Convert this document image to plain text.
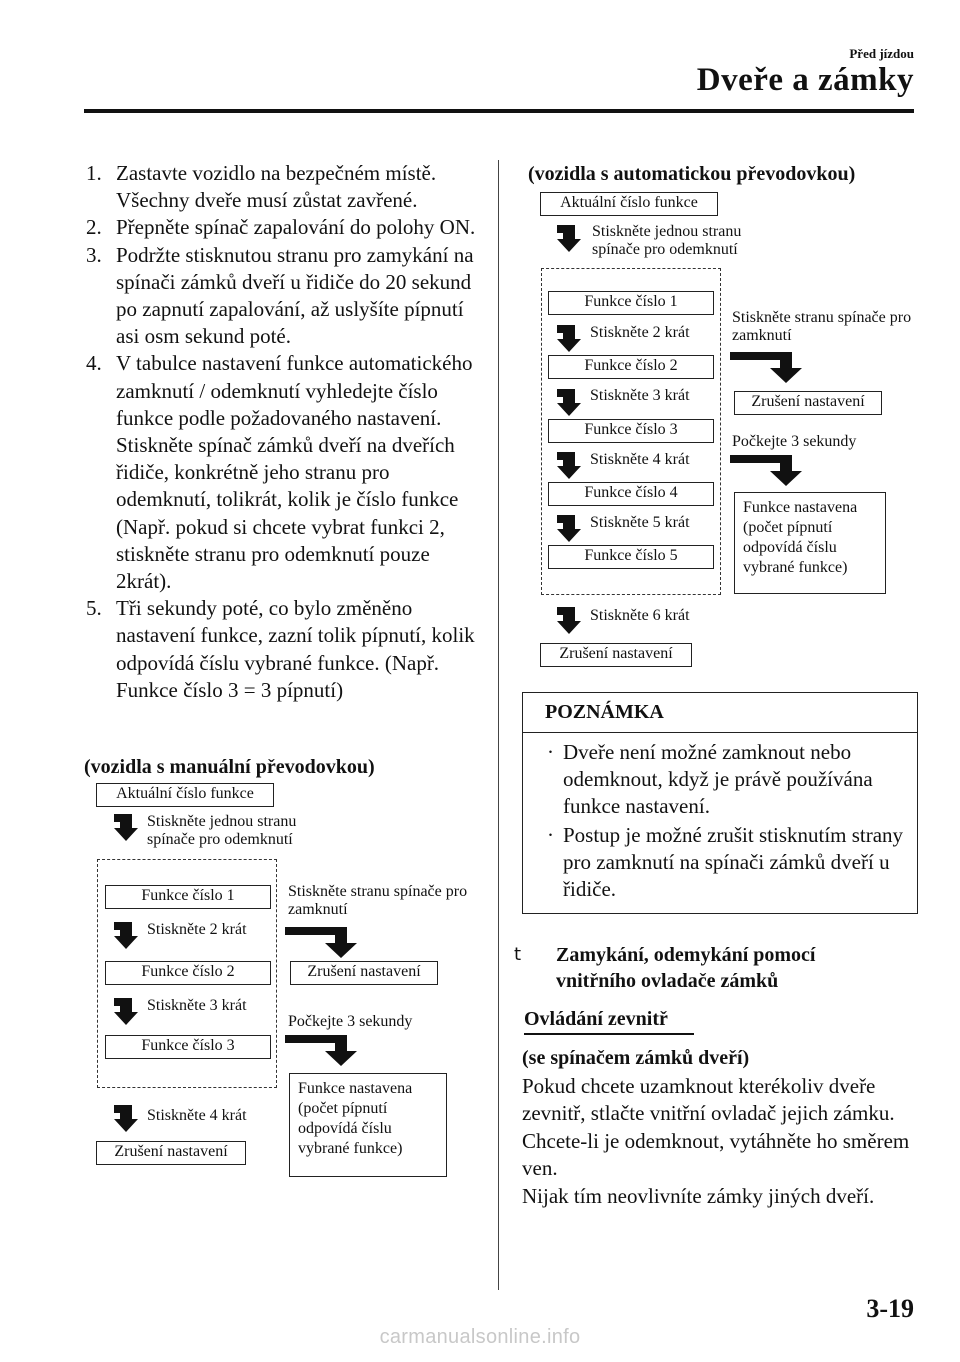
Před jízdou
Dveře a zámky
1. Zastavte vozidlo na bezpečném místě. Všechny dveře musí zůstat zavřené.
2. Přepněte spínač zapalování do polohy ON.
3. Podržte stisknutou stranu pro zamykání na spínači zámků dveří u řidiče do 20 sekund po zapnutí zapalování, až uslyšíte pípnutí asi osm sekund poté.
4. V tabulce nastavení funkce automatického zamknutí / odemknutí vyhledejte číslo funkce podle požadovaného nastavení. Stiskněte spínač zámků dveří na dveřích řidiče, konkrétně jeho stranu pro odemknutí, tolikrát, kolik je číslo funkce (Např. pokud si chcete vybrat funkci 2, stiskněte stranu pro odemknutí pouze 2krát).
5. Tři sekundy poté, co bylo změněno nastavení funkce, zazní tolik pípnutí, kolik odpovídá číslu vybrané funkce. (Např. Funkce číslo 3 = 3 pípnutí)
(vozidla s manuální převodovkou)
Aktuální číslo funkce
Stiskněte jednou stranu spínače pro odemknutí
Funkce číslo 1
Stiskněte 2 krát
Funkce číslo 2
Stiskněte 3 krát
Funkce číslo 3
Stiskněte 4 krát
Zrušení nastavení
Stiskněte stranu spínače pro zamknutí
Zrušení nastavení
Počkejte 3 sekundy
Funkce nastavena (počet pípnutí odpovídá číslu vybrané funkce)
(vozidla s automatickou převodovkou)
Aktuální číslo funkce
Stiskněte jednou stranu spínače pro odemknutí
Funkce číslo 1
Stiskněte 2 krát
Funkce číslo 2
Stiskněte 3 krát
Funkce číslo 3
Stiskněte 4 krát
Funkce číslo 4
Stiskněte 5 krát
Funkce číslo 5
Stiskněte 6 krát
Zrušení nastavení
Stiskněte stranu spínače pro zamknutí
Zrušení nastavení
Počkejte 3 sekundy
Funkce nastavena (počet pípnutí odpovídá číslu vybrané funkce)
POZNÁMKA
· Dveře není možné zamknout nebo odemknout, když je právě používána funkce nastavení.
· Postup je možné zrušit stisknutím strany pro zamknutí na spínači zámků dveří u řidiče.
t Zamykání, odemykání pomocí vnitřního ovladače zámků
Ovládání zevnitř
(se spínačem zámků dveří)
Pokud chcete uzamknout kterékoliv dveře zevnitř, stlačte vnitřní ovladač jejich zámku.
Chcete-li je odemknout, vytáhněte ho směrem ven.
Nijak tím neovlivníte zámky jiných dveří.
3-19
carmanualsonline.info
